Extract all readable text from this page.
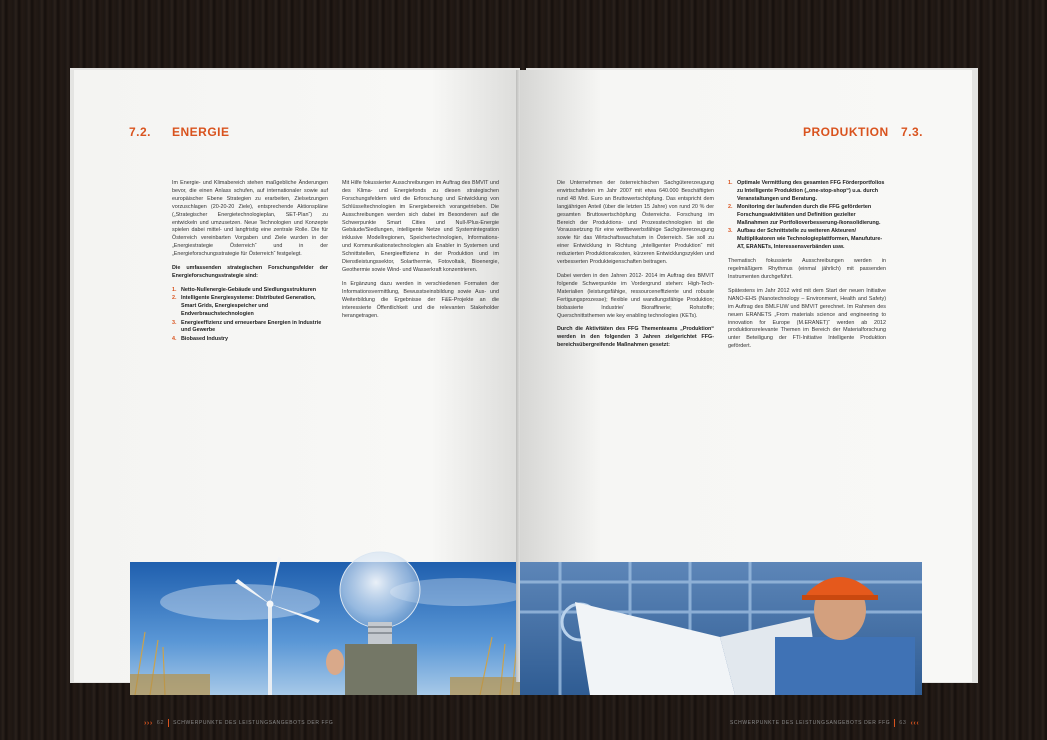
7.2. ENERGIE

Im Energie- und Klimabereich stehen maßgebliche Änderungen bevor, die einen Anlass schufen, auf internationaler sowie auf europäischer Ebene Strategien zu erarbeiten, Zielsetzungen vorzuschlagen (20-20-20 Ziele), entsprechende Aktionspläne („Strategischer Energietechnologieplan, SET-Plan“) zu entwickeln und umzusetzen. Neue Technologien und Konzepte spielen dabei mittel- und langfristig eine zentrale Rolle. Die für Österreich vereinbarten Vorgaben und Ziele wurden in der „Energiestrategie Österreich“ und in der „Energieforschungsstrategie für Österreich“ festgelegt.

Die umfassenden strategischen Forschungsfelder der Energieforschungsstrategie sind:

1. Netto-Nullenergie-Gebäude und Siedlungsstrukturen
2. Intelligente Energiesysteme: Distributed Generation, Smart Grids, Energiespeicher und Endverbrauchstechnologien
3. Energieeffizienz und erneuerbare Energien in Industrie und Gewerbe
4. Biobased Industry

Mit Hilfe fokussierter Ausschreibungen im Auftrag des BMVIT und des Klima- und Energiefonds zu diesen strategischen Forschungsfeldern wird die Erforschung und Entwicklung von Schlüsseltechnologien im Energiebereich vorangetrieben. Die Ausschreibungen werden sich dabei im Besonderen auf die Schwerpunkte Smart Cities und Null-/Plus-Energie Gebäude/Siedlungen, intelligente Netze und Systemintegration inklusive Modellregionen, Speichertechnologien, Informations- und Kommunikationstechnologien als Enabler in Systemen und Schnittstellen, Energieeffizienz in der Produktion und im Dienstleistungssektor, Solarthermie, Fotovoltaik, Bioenergie, Geothermie sowie Wind- und Wasserkraft konzentrieren.

In Ergänzung dazu werden in verschiedenen Formaten der Informationsvermittlung, Bewusstseinsbildung sowie Aus- und Weiterbildung die Ergebnisse der F&E-Projekte an die interessierte Öffentlichkeit und die relevanten Stakeholder herangetragen.

››› 62 SCHWERPUNKTE DES LEISTUNGSANGEBOTS DER FFG
PRODUKTION 7.3.

Die Unternehmen der österreichischen Sachgütererzeugung erwirtschafteten im Jahr 2007 mit etwa 640.000 Beschäftigten rund 48 Mrd. Euro an Bruttowertschöpfung. Das entspricht dem langjährigen Anteil (über die letzten 15 Jahre) von rund 20 % der gesamten Bruttowertschöpfung Österreichs. Forschung im Bereich der Produktions- und Prozesstechnologien ist die Voraussetzung für eine wettbewerbsfähige Sachgütererzeugung sowie für das Wirtschaftswachstum in Österreich. Sie soll zu einer Entwicklung in Richtung „intelligenter Produktion“ mit reduzierten Produktionskosten, kürzeren Entwicklungszyklen und verbesserten Produkteigenschaften beitragen.

Dabei werden in den Jahren 2012- 2014 im Auftrag des BMVIT folgende Schwerpunkte im Vordergrund stehen: High-Tech-Materialien (leistungsfähige, ressourceneffiziente und robuste Fertigungsprozesse); flexible und wandlungsfähige Produktion; biobasierte Industrie/ Bioraffinerie; Rohstoffe; Querschnittsthemen wie key enabling technologies (KETs).

Durch die Aktivitäten des FFG Thementeams „Produktion“ werden in den folgenden 3 Jahren zielgerichtet FFG-bereichsübergreifende Maßnahmen gesetzt:

1. Optimale Vermittlung des gesamten FFG Förderportfolios zu Intelligente Produktion („one-stop-shop“) u.a. durch Veranstaltungen und Beratung.
2. Monitoring der laufenden durch die FFG geförderten Forschungsaktivitäten und Definition gezielter Maßnahmen zur Portfolioverbesserung-/konsolidierung.
3. Aufbau der Schnittstelle zu weiteren Akteuren/ Multiplikatoren wie Technologieplattformen, Manufuture-AT, ERANETs, Interessensverbänden usw.

Thematisch fokussierte Ausschreibungen werden in regelmäßigem Rhythmus (einmal jährlich) mit passenden Instrumenten durchgeführt.

Spätestens im Jahr 2012 wird mit dem Start der neuen Initiative NANO-EHS (Nanotechnology – Environment, Health and Safety) im Auftrag des BMLFUW und BMVIT gerechnet. Im Rahmen des neuen ERANETS „From materials science and engineering to innovation for Europe (M.ERANET)“ werden ab 2012 produktionsrelevante Themen im Bereich der Materialforschung unter Beteiligung der FTI-Initiative Intelligente Produktion gefördert.

SCHWERPUNKTE DES LEISTUNGSANGEBOTS DER FFG 63 ‹‹‹
